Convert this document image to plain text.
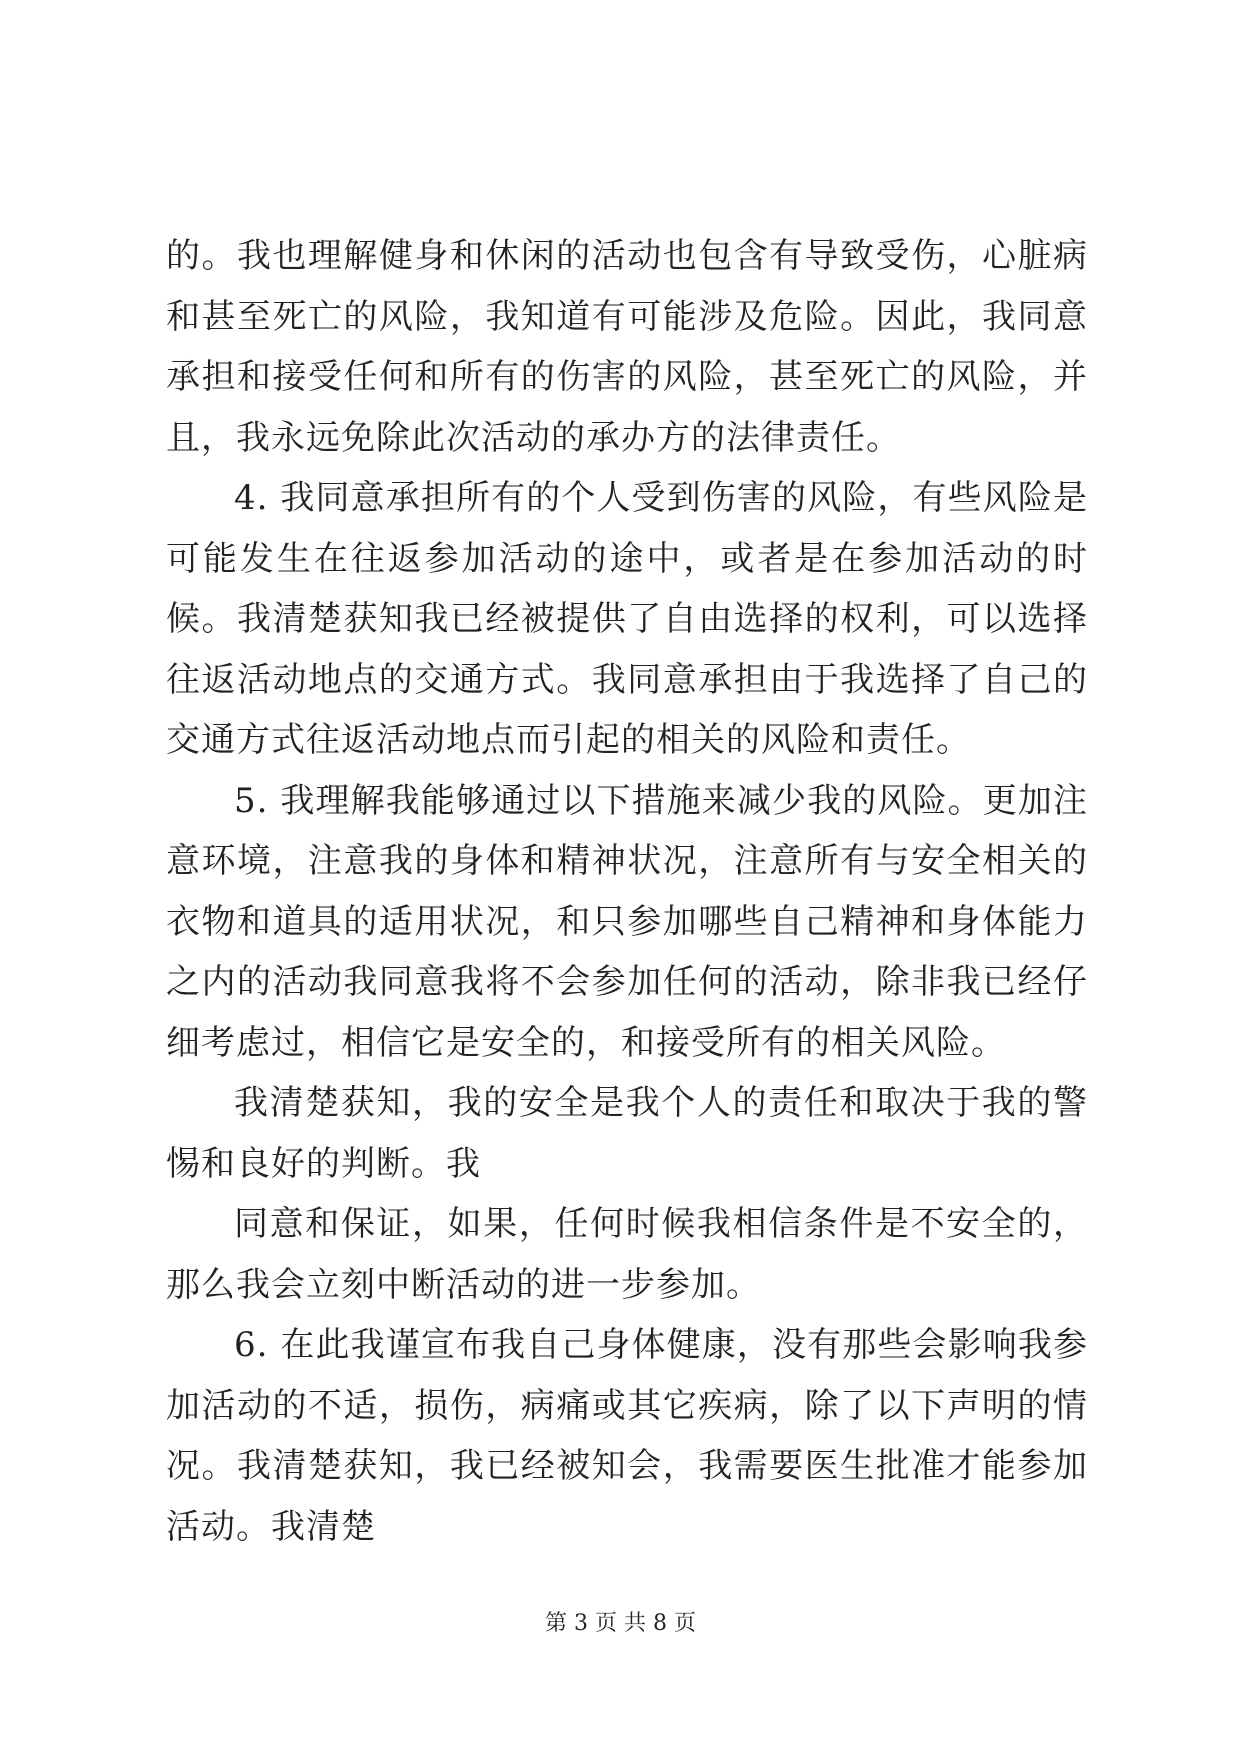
的。我也理解健身和休闲的活动也包含有导致受伤，心脏病和甚至死亡的风险，我知道有可能涉及危险。因此，我同意承担和接受任何和所有的伤害的风险，甚至死亡的风险，并且，我永远免除此次活动的承办方的法律责任。

4. 我同意承担所有的个人受到伤害的风险，有些风险是可能发生在往返参加活动的途中，或者是在参加活动的时候。我清楚获知我已经被提供了自由选择的权利，可以选择往返活动地点的交通方式。我同意承担由于我选择了自己的交通方式往返活动地点而引起的相关的风险和责任。

5. 我理解我能够通过以下措施来减少我的风险。更加注意环境，注意我的身体和精神状况，注意所有与安全相关的衣物和道具的适用状况，和只参加哪些自己精神和身体能力之内的活动我同意我将不会参加任何的活动，除非我已经仔细考虑过，相信它是安全的，和接受所有的相关风险。

我清楚获知，我的安全是我个人的责任和取决于我的警惕和良好的判断。我

同意和保证，如果，任何时候我相信条件是不安全的，那么我会立刻中断活动的进一步参加。

6. 在此我谨宣布我自己身体健康，没有那些会影响我参加活动的不适，损伤，病痛或其它疾病，除了以下声明的情况。我清楚获知，我已经被知会，我需要医生批准才能参加活动。我清楚

第 3 页 共 8 页
